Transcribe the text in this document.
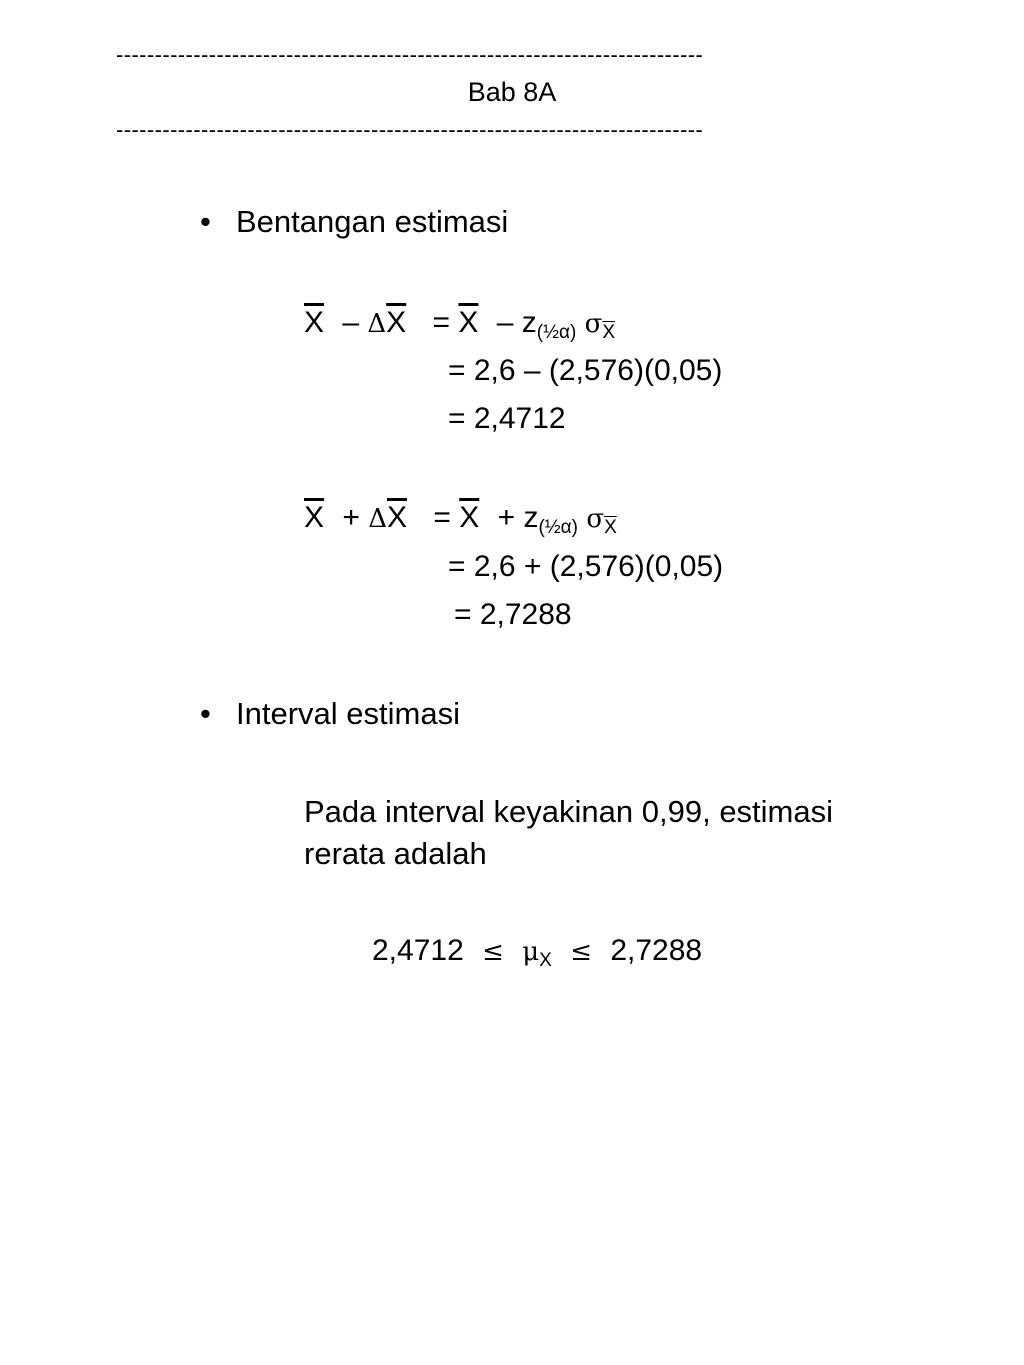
----------------------------------------------------------------------------
Bab 8A
----------------------------------------------------------------------------
• Bentangan estimasi
$\overline{X} - \Delta\overline{X} = \overline{X} - z_{(\frac{1}{2}\alpha)}$ $\sigma_{\overline{X}}$
= 2,6 – (2,576)(0,05)
= 2,4712
$\overline{X} + \Delta\overline{X} = \overline{X} + z_{(\frac{1}{2}\alpha)}$ $\sigma_{\overline{X}}$
= 2,6 + (2,576)(0,05)
= 2,7288
• Interval estimasi
Pada interval keyakinan 0,99, estimasi rerata adalah
$2,4712 \le \mu_X \le 2,7288$
